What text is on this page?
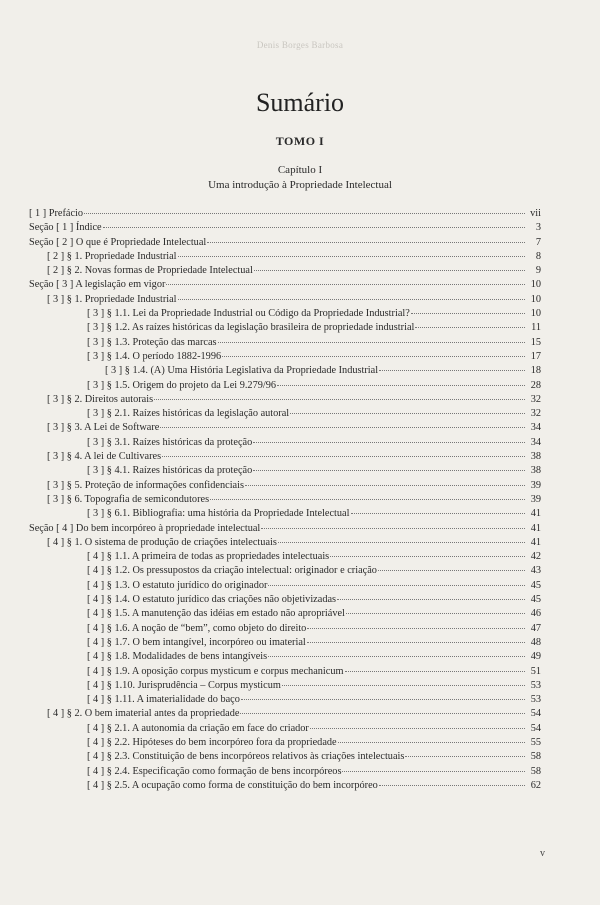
Denis Borges Barbosa
Sumário
TOMO I
Capítulo I
Uma introdução à Propriedade Intelectual
[ 1 ] Prefácio	vii
Seção [ 1 ] Índice	3
Seção [ 2 ] O que é Propriedade Intelectual	7
[ 2 ] § 1. Propriedade Industrial	8
[ 2 ] § 2. Novas formas de Propriedade Intelectual	9
Seção [ 3 ] A legislação em vigor	10
[ 3 ] § 1. Propriedade Industrial	10
[ 3 ] § 1.1. Lei da Propriedade Industrial ou Código da Propriedade Industrial?	10
[ 3 ] § 1.2. As raízes históricas da legislação brasileira de propriedade industrial	11
[ 3 ] § 1.3. Proteção das marcas	15
[ 3 ] § 1.4. O período 1882-1996	17
[ 3 ] § 1.4. (A) Uma História Legislativa da Propriedade Industrial	18
[ 3 ] § 1.5. Origem do projeto da Lei 9.279/96	28
[ 3 ] § 2. Direitos autorais	32
[ 3 ] § 2.1. Raízes históricas da legislação autoral	32
[ 3 ] § 3. A Lei de Software	34
[ 3 ] § 3.1. Raízes históricas da proteção	34
[ 3 ] § 4. A lei de Cultivares	38
[ 3 ] § 4.1. Raízes históricas da proteção	38
[ 3 ] § 5. Proteção de informações confidenciais	39
[ 3 ] § 6. Topografia de semicondutores	39
[ 3 ] § 6.1. Bibliografia: uma história da Propriedade Intelectual	41
Seção [ 4 ] Do bem incorpóreo à propriedade intelectual	41
[ 4 ] § 1. O sistema de produção de criações intelectuais	41
[ 4 ] § 1.1. A primeira de todas as propriedades intelectuais	42
[ 4 ] § 1.2. Os pressupostos da criação intelectual: originador e criação	43
[ 4 ] § 1.3. O estatuto jurídico do originador	45
[ 4 ] § 1.4. O estatuto jurídico das criações não objetivizadas	45
[ 4 ] § 1.5. A manutenção das idéias em estado não apropriável	46
[ 4 ] § 1.6. A noção de “bem”, como objeto do direito	47
[ 4 ] § 1.7. O bem intangível, incorpóreo ou imaterial	48
[ 4 ] § 1.8. Modalidades de bens intangíveis	49
[ 4 ] § 1.9. A oposição corpus mysticum e corpus mechanicum	51
[ 4 ] § 1.10. Jurisprudência – Corpus mysticum	53
[ 4 ] § 1.11. A imaterialidade do baço	53
[ 4 ] § 2. O bem imaterial antes da propriedade	54
[ 4 ] § 2.1. A autonomia da criação em face do criador	54
[ 4 ] § 2.2. Hipóteses do bem incorpóreo fora da propriedade	55
[ 4 ] § 2.3. Constituição de bens incorpóreos relativos às criações intelectuais	58
[ 4 ] § 2.4. Especificação como formação de bens incorpóreos	58
[ 4 ] § 2.5. A ocupação como forma de constituição do bem incorpóreo	62
v
